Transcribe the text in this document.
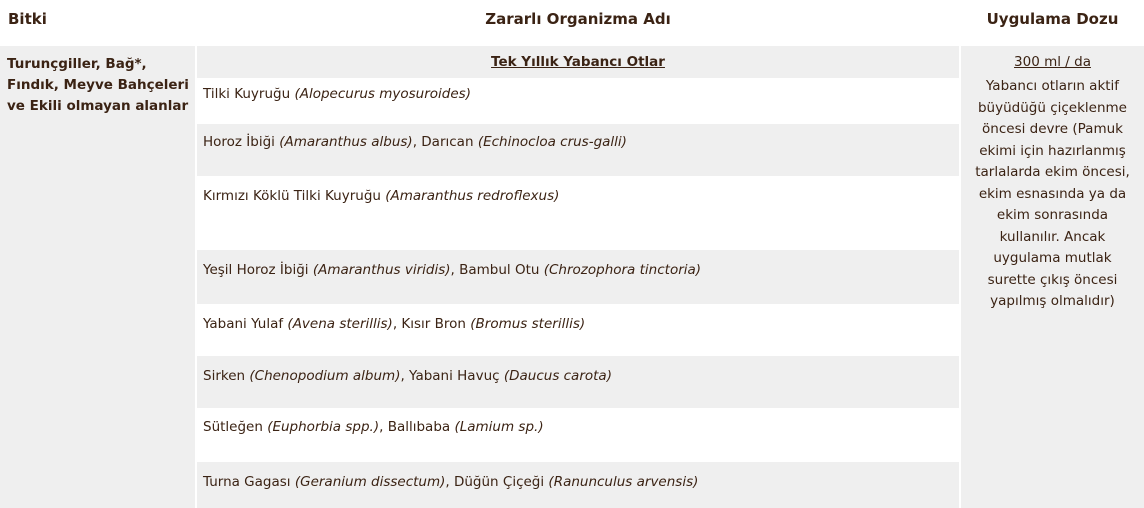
Bitki	Zararlı Organizma Adı	Uygulama Dozu
Turunçgiller, Bağ*, Fındık, Meyve Bahçeleri ve Ekili olmayan alanlar
Tek Yıllık Yabancı Otlar
Tilki Kuyruğu (Alopecurus myosuroides)
Horoz İbiği (Amaranthus albus), Darıcan (Echinocloa crus-galli)
Kırmızı Köklü Tilki Kuyruğu (Amaranthus redroflexus)
Yeşil Horoz İbiği (Amaranthus viridis), Bambul Otu (Chrozophora tinctoria)
Yabani Yulaf (Avena sterillis), Kısır Bron (Bromus sterillis)
Sirken (Chenopodium album), Yabani Havuç (Daucus carota)
Sütleğen (Euphorbia spp.), Ballıbaba (Lamium sp.)
Turna Gagası (Geranium dissectum), Düğün Çiçeği (Ranunculus arvensis)
300 ml / da
Yabancı otların aktif büyüdüğü çiçeklenme öncesi devre (Pamuk ekimi için hazırlanmış tarlalarda ekim öncesi, ekim esnasında ya da ekim sonrasında kullanılır. Ancak uygulama mutlak surette çıkış öncesi yapılmış olmalıdır)
